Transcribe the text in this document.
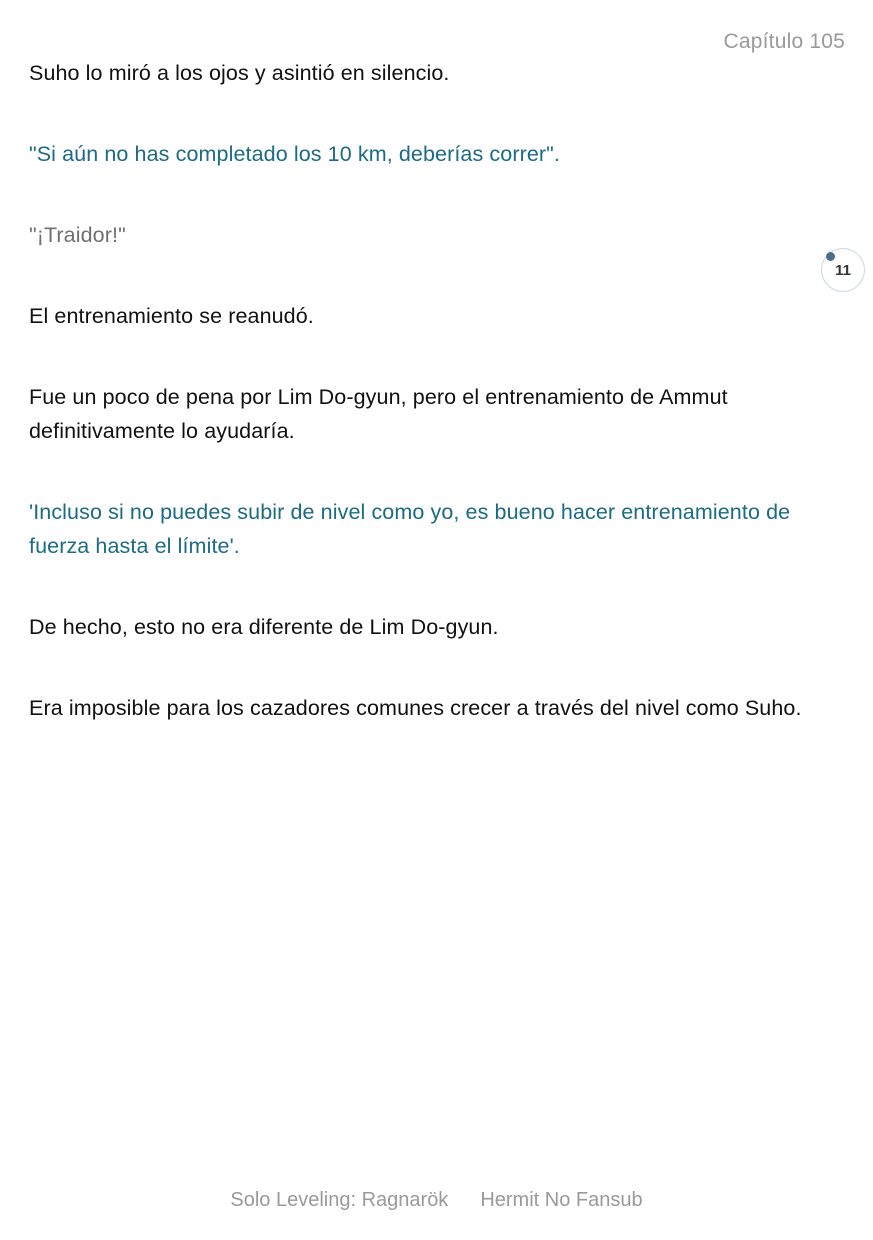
Capítulo 105
11

Suho lo miró a los ojos y asintió en silencio.

"Si aún no has completado los 10 km, deberías correr".

"¡Traidor!"

El entrenamiento se reanudó.

Fue un poco de pena por Lim Do-gyun, pero el entrenamiento de Ammut definitivamente lo ayudaría.

'Incluso si no puedes subir de nivel como yo, es bueno hacer entrenamiento de fuerza hasta el límite'.

De hecho, esto no era diferente de Lim Do-gyun.

Era imposible para los cazadores comunes crecer a través del nivel como Suho.

Solo Leveling: Ragnarök Hermit No Fansub
